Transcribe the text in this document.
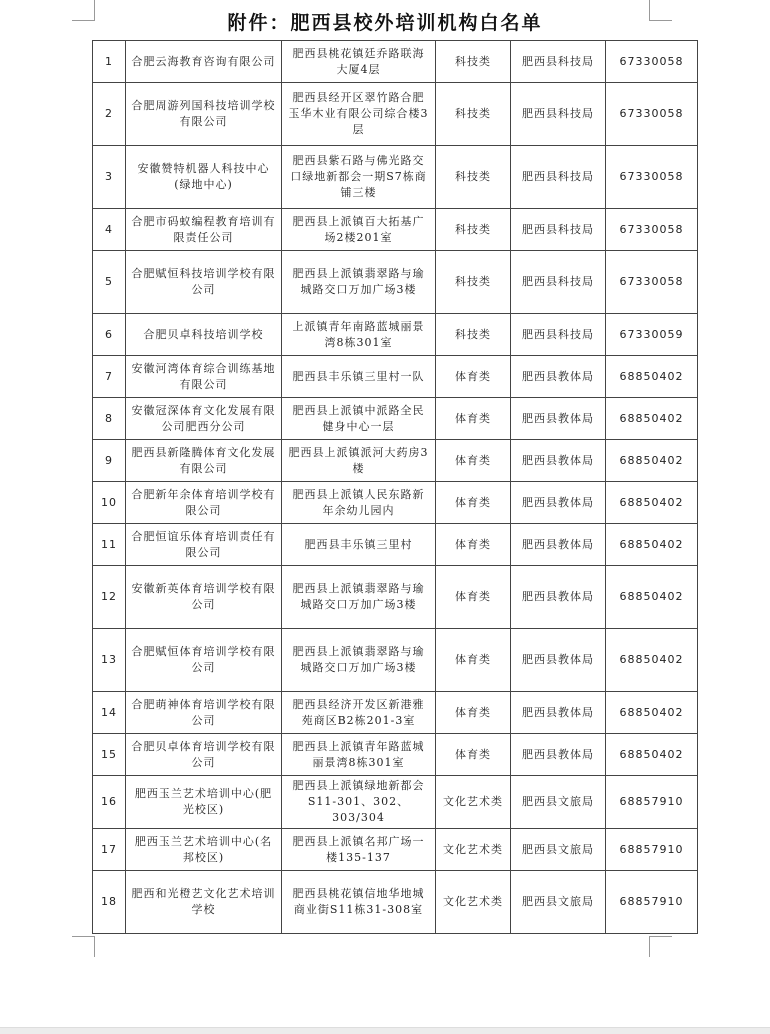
附件：肥西县校外培训机构白名单
1	合肥云海教育咨询有限公司	肥西县桃花镇廷乔路联海大厦4层	科技类	肥西县科技局	67330058
2	合肥周游列国科技培训学校有限公司	肥西县经开区翠竹路合肥玉华木业有限公司综合楼3层	科技类	肥西县科技局	67330058
3	安徽赞特机器人科技中心(绿地中心)	肥西县紫石路与佛光路交口绿地新都会一期S7栋商铺三楼	科技类	肥西县科技局	67330058
4	合肥市码蚁编程教育培训有限责任公司	肥西县上派镇百大拓基广场2楼201室	科技类	肥西县科技局	67330058
5	合肥赋恒科技培训学校有限公司	肥西县上派镇翡翠路与瑜城路交口万加广场3楼	科技类	肥西县科技局	67330058
6	合肥贝卓科技培训学校	上派镇青年南路蓝城丽景湾8栋301室	科技类	肥西县科技局	67330059
7	安徽河湾体育综合训练基地有限公司	肥西县丰乐镇三里村一队	体育类	肥西县教体局	68850402
8	安徽冠深体育文化发展有限公司肥西分公司	肥西县上派镇中派路全民健身中心一层	体育类	肥西县教体局	68850402
9	肥西县新隆腾体育文化发展有限公司	肥西县上派镇派河大药房3楼	体育类	肥西县教体局	68850402
10	合肥新年余体育培训学校有限公司	肥西县上派镇人民东路新年余幼儿园内	体育类	肥西县教体局	68850402
11	合肥恒谊乐体育培训责任有限公司	肥西县丰乐镇三里村	体育类	肥西县教体局	68850402
12	安徽新英体育培训学校有限公司	肥西县上派镇翡翠路与瑜城路交口万加广场3楼	体育类	肥西县教体局	68850402
13	合肥赋恒体育培训学校有限公司	肥西县上派镇翡翠路与瑜城路交口万加广场3楼	体育类	肥西县教体局	68850402
14	合肥萌神体育培训学校有限公司	肥西县经济开发区新港雅苑商区B2栋201-3室	体育类	肥西县教体局	68850402
15	合肥贝卓体育培训学校有限公司	肥西县上派镇青年路蓝城丽景湾8栋301室	体育类	肥西县教体局	68850402
16	肥西玉兰艺术培训中心(肥光校区)	肥西县上派镇绿地新都会S11-301、302、303/304	文化艺术类	肥西县文旅局	68857910
17	肥西玉兰艺术培训中心(名邦校区)	肥西县上派镇名邦广场一楼135-137	文化艺术类	肥西县文旅局	68857910
18	肥西和光橙艺文化艺术培训学校	肥西县桃花镇信地华地城商业街S11栋31-308室	文化艺术类	肥西县文旅局	68857910
